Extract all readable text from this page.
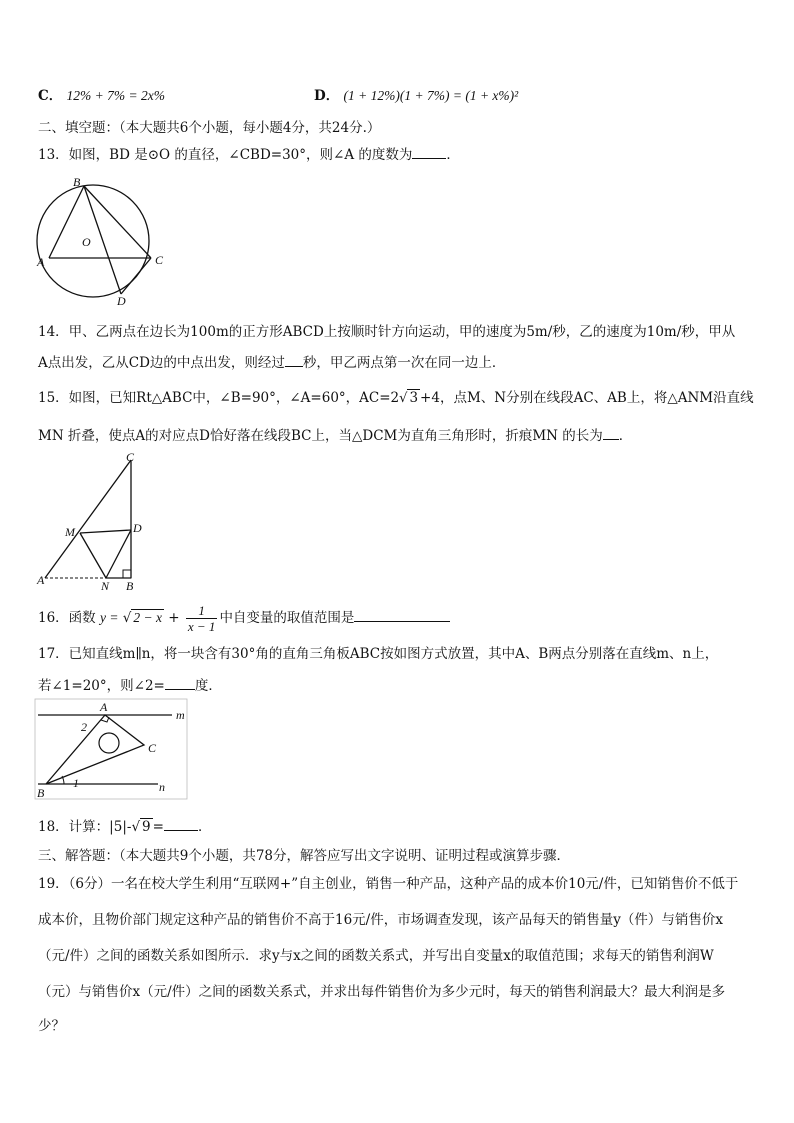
C． 12% + 7% = 2x%	D． (1 + 12%)(1 + 7%) = (1 + x%)²
二、填空题：（本大题共6个小题，每小题4分，共24分.）
13．如图，BD 是⊙O 的直径，∠CBD=30°，则∠A 的度数为	．
B
O
A	C
D
14．甲、乙两点在边长为100m的正方形ABCD上按顺时针方向运动，甲的速度为5m/秒，乙的速度为10m/秒，甲从
A点出发，乙从CD边的中点出发，则经过 秒，甲乙两点第一次在同一边上．
15．如图，已知Rt△ABC中，∠B=90°，∠A=60°，AC=2√ 3 +4，点M、N分别在线段AC、AB上，将△ANM沿直线
MN 折叠，使点A的对应点D恰好落在线段BC上，当△DCM为直角三角形时，折痕MN 的长为 ．
C
M	D
A	N B
16．函数 y = √ $2 - x + \frac{1}{x - 1}$ 中自变量的取值范围是
17．已知直线m∥n，将一块含有30°角的直角三角板ABC按如图方式放置，其中A、B两点分别落在直线m、n上，
若∠1=20°，则∠2= 度．
A
m
2
C
1
B	n
18．计算：|5|-√ 9 =	．
三、解答题：（本大题共9个小题，共78分，解答应写出文字说明、证明过程或演算步骤．
19．（6分）一名在校大学生利用“互联网+”自主创业，销售一种产品，这种产品的成本价10元/件，已知销售价不低于
成本价，且物价部门规定这种产品的销售价不高于16元/件，市场调查发现，该产品每天的销售量y（件）与销售价x
（元/件）之间的函数关系如图所示．求y与x之间的函数关系式，并写出自变量x的取值范围；求每天的销售利润W
（元）与销售价x（元/件）之间的函数关系式，并求出每件销售价为多少元时，每天的销售利润最大？最大利润是多
少？
